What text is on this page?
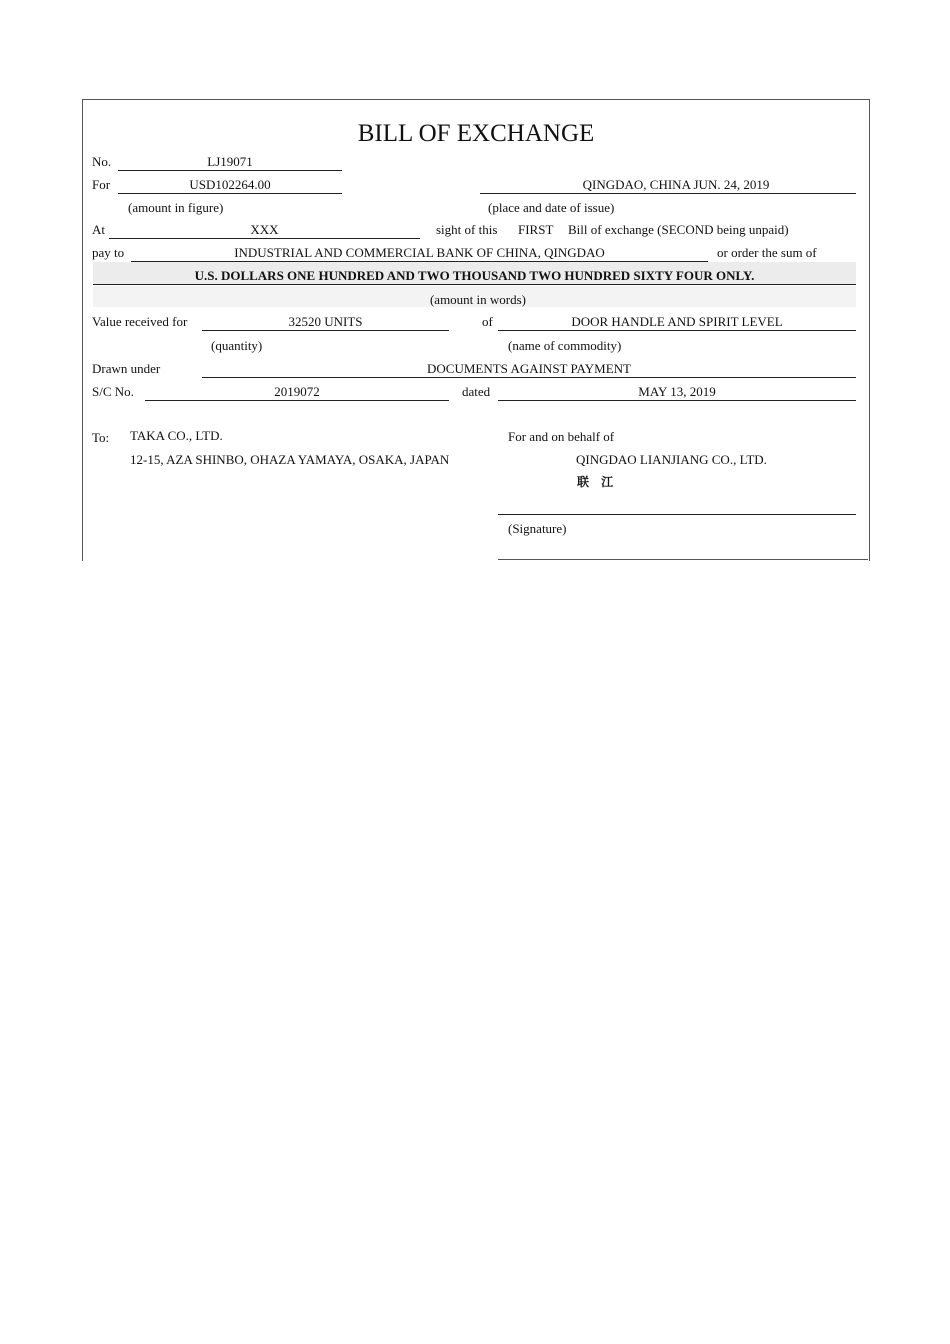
BILL OF EXCHANGE
No.	LJ19071
For	USD102264.00
(amount in figure)
QINGDAO, CHINA JUN. 24, 2019
(place and date of issue)
At	XXX	sight of this FIRST Bill of exchange (SECOND being unpaid)
pay to	INDUSTRIAL AND COMMERCIAL BANK OF CHINA, QINGDAO	or order the sum of
U.S. DOLLARS ONE HUNDRED AND TWO THOUSAND TWO HUNDRED SIXTY FOUR ONLY.
(amount in words)
Value received for	32520 UNITS	of	DOOR HANDLE AND SPIRIT LEVEL
(quantity)	(name of commodity)
Drawn under	DOCUMENTS AGAINST PAYMENT
S/C No.	2019072	dated	MAY 13, 2019
To: TAKA CO., LTD.
12-15, AZA SHINBO, OHAZA YAMAYA, OSAKA, JAPAN
For and on behalf of
QINGDAO LIANJIANG CO., LTD.
联 江
(Signature)
